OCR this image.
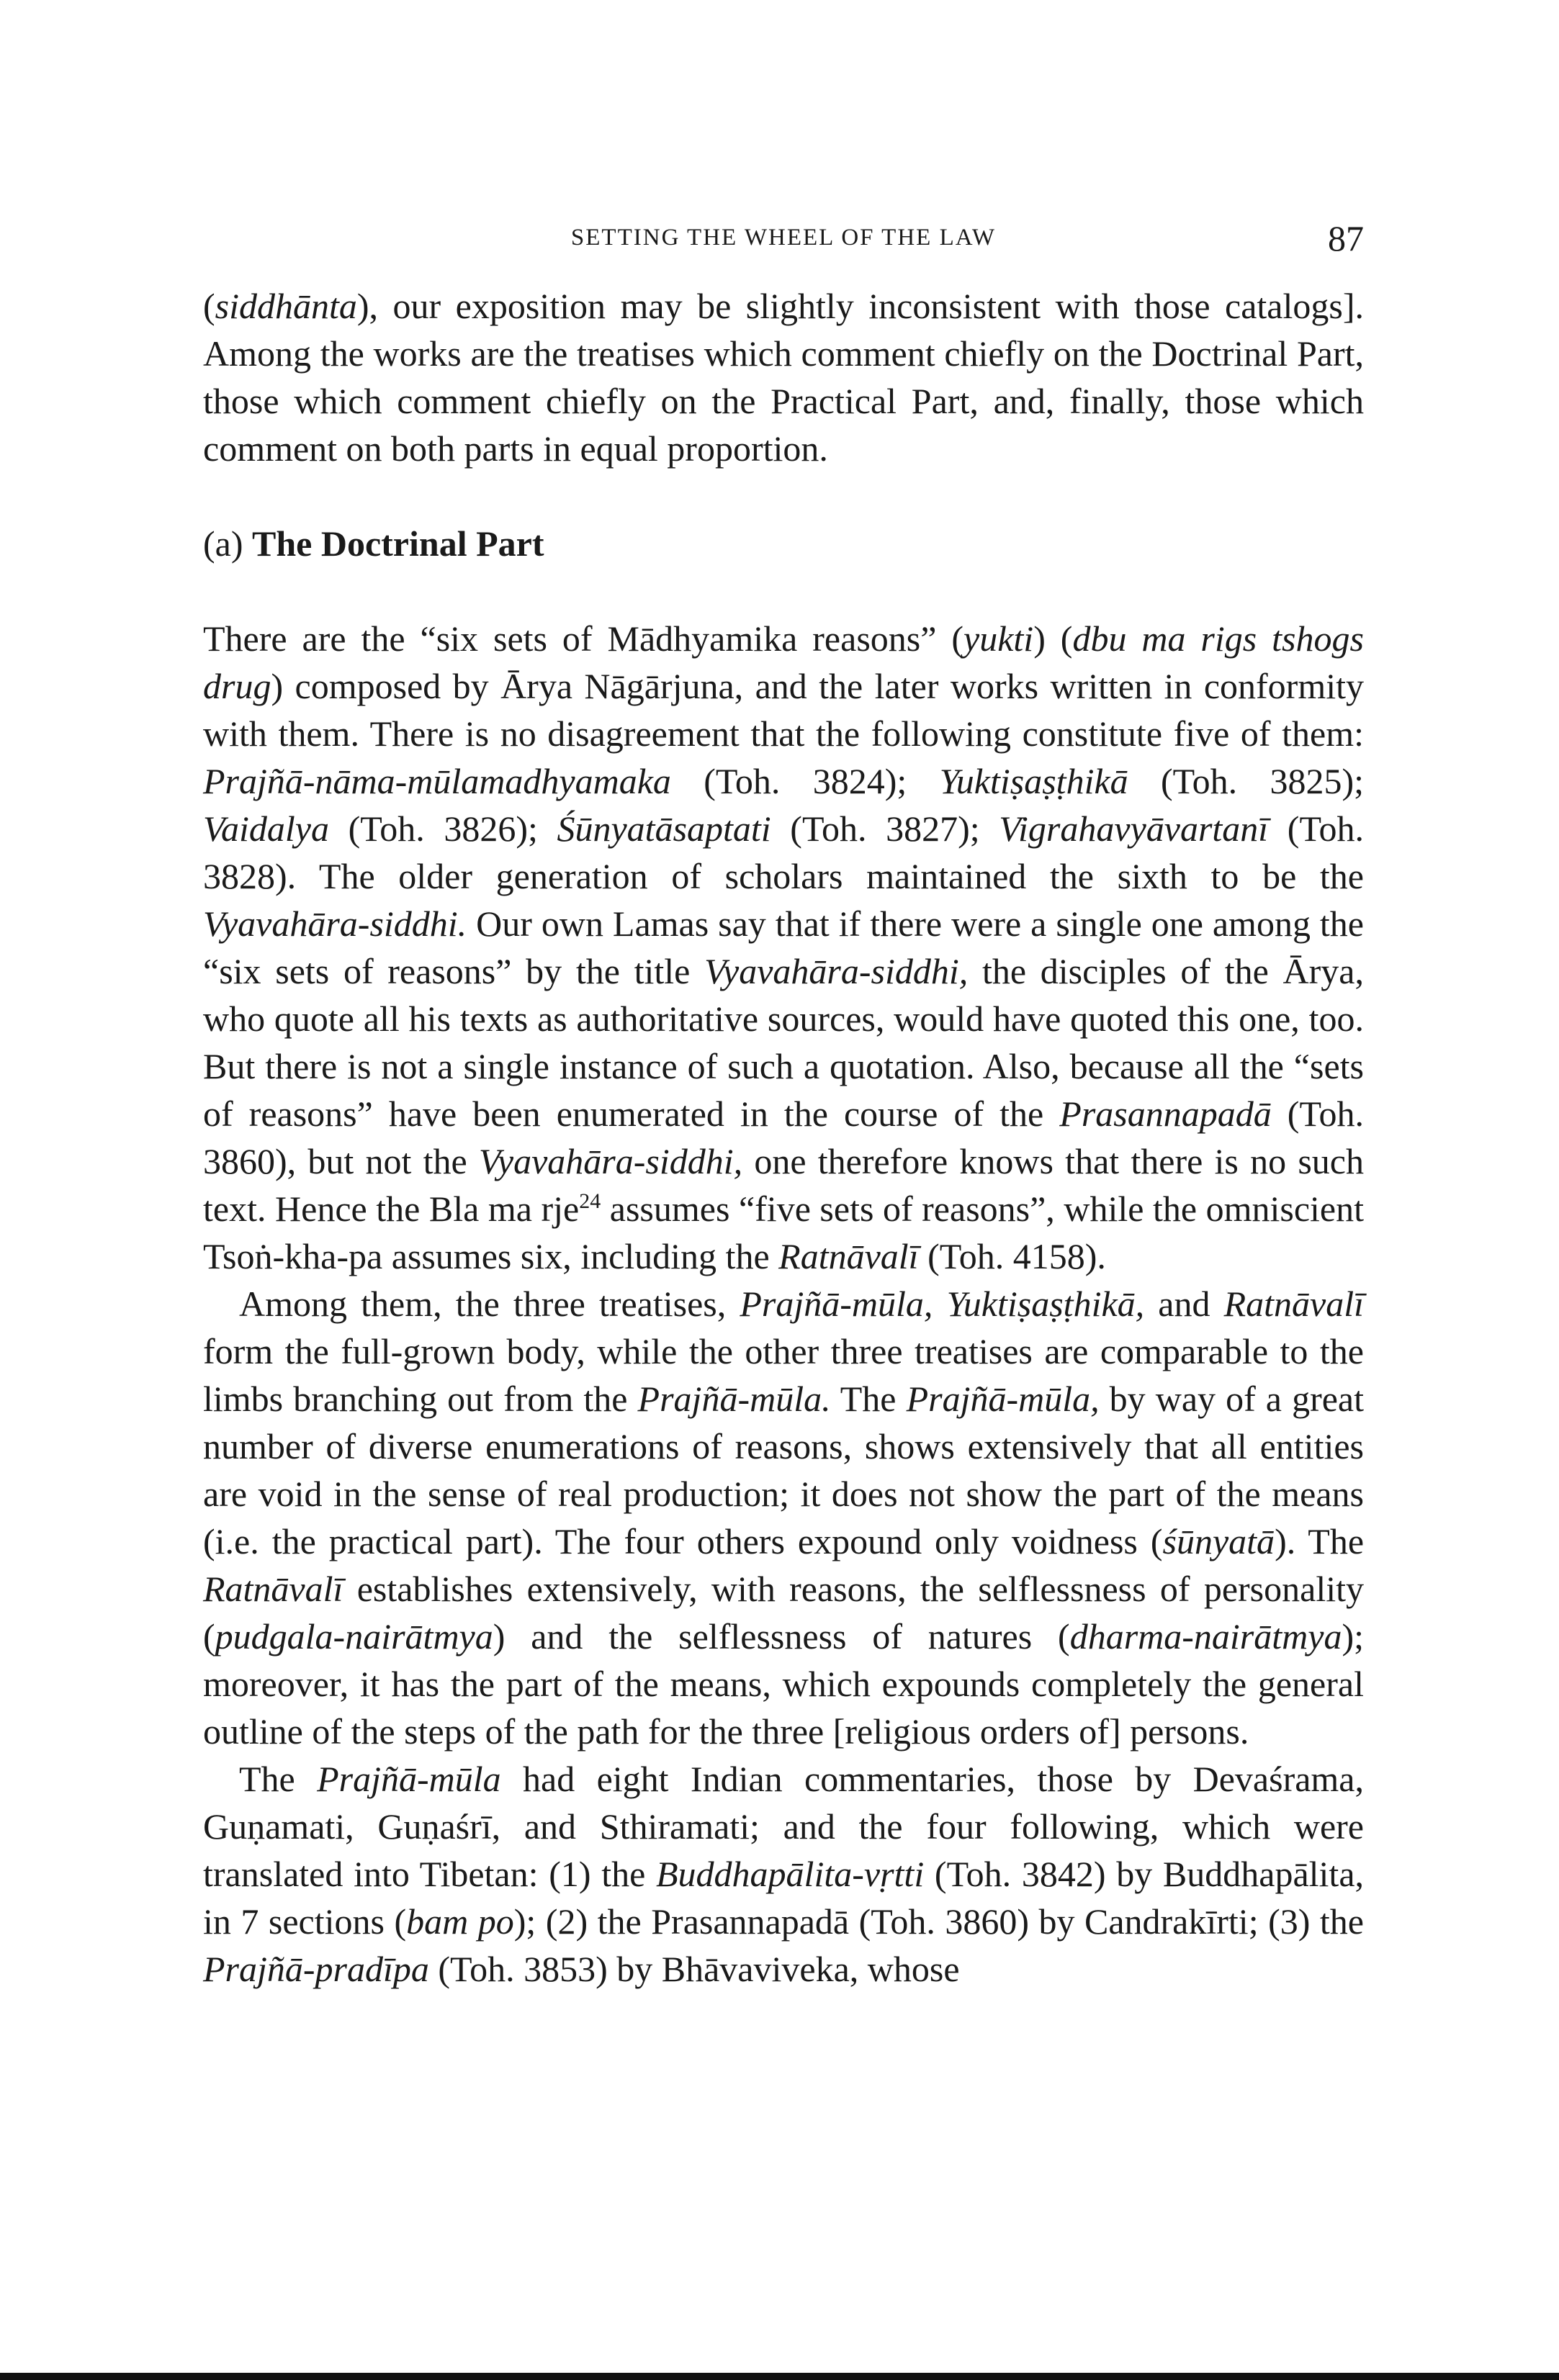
SETTING THE WHEEL OF THE LAW	87

(siddhānta), our exposition may be slightly inconsistent with those catalogs]. Among the works are the treatises which comment chiefly on the Doctrinal Part, those which comment chiefly on the Practical Part, and, finally, those which comment on both parts in equal proportion.

(a) The Doctrinal Part

There are the “six sets of Mādhyamika reasons” (yukti) (dbu ma rigs tshogs drug) composed by Ārya Nāgārjuna, and the later works written in conformity with them. There is no disagreement that the following constitute five of them: Prajñā-nāma-mūlamadhyamaka (Toh. 3824); Yuktiṣaṣṭhikā (Toh. 3825); Vaidalya (Toh. 3826); Śūnyatāsaptati (Toh. 3827); Vigrahavyāvartanī (Toh. 3828). The older generation of scholars maintained the sixth to be the Vyavahāra-siddhi. Our own Lamas say that if there were a single one among the “six sets of reasons” by the title Vyavahāra-siddhi, the disciples of the Ārya, who quote all his texts as authoritative sources, would have quoted this one, too. But there is not a single instance of such a quotation. Also, because all the “sets of reasons” have been enumerated in the course of the Prasannapadā (Toh. 3860), but not the Vyavahāra-siddhi, one therefore knows that there is no such text. Hence the Bla ma rje$^{24}$ assumes “five sets of reasons”, while the omniscient Tsoṅ-kha-pa assumes six, including the Ratnāvalī (Toh. 4158).

Among them, the three treatises, Prajñā-mūla, Yuktiṣaṣṭhikā, and Ratnāvalī form the full-grown body, while the other three treatises are comparable to the limbs branching out from the Prajñā-mūla. The Prajñā-mūla, by way of a great number of diverse enumerations of reasons, shows extensively that all entities are void in the sense of real production; it does not show the part of the means (i.e. the practical part). The four others expound only voidness (śūnyatā). The Ratnāvalī establishes extensively, with reasons, the selflessness of personality (pudgala-nairātmya) and the selflessness of natures (dharma-nairātmya); moreover, it has the part of the means, which expounds completely the general outline of the steps of the path for the three [religious orders of] persons.

The Prajñā-mūla had eight Indian commentaries, those by Devaśrama, Guṇamati, Guṇaśrī, and Sthiramati; and the four following, which were translated into Tibetan: (1) the Buddhapālita-vṛtti (Toh. 3842) by Buddhapālita, in 7 sections (bam po); (2) the Prasannapadā (Toh. 3860) by Candrakīrti; (3) the Prajñā-pradīpa (Toh. 3853) by Bhāvaviveka, whose
